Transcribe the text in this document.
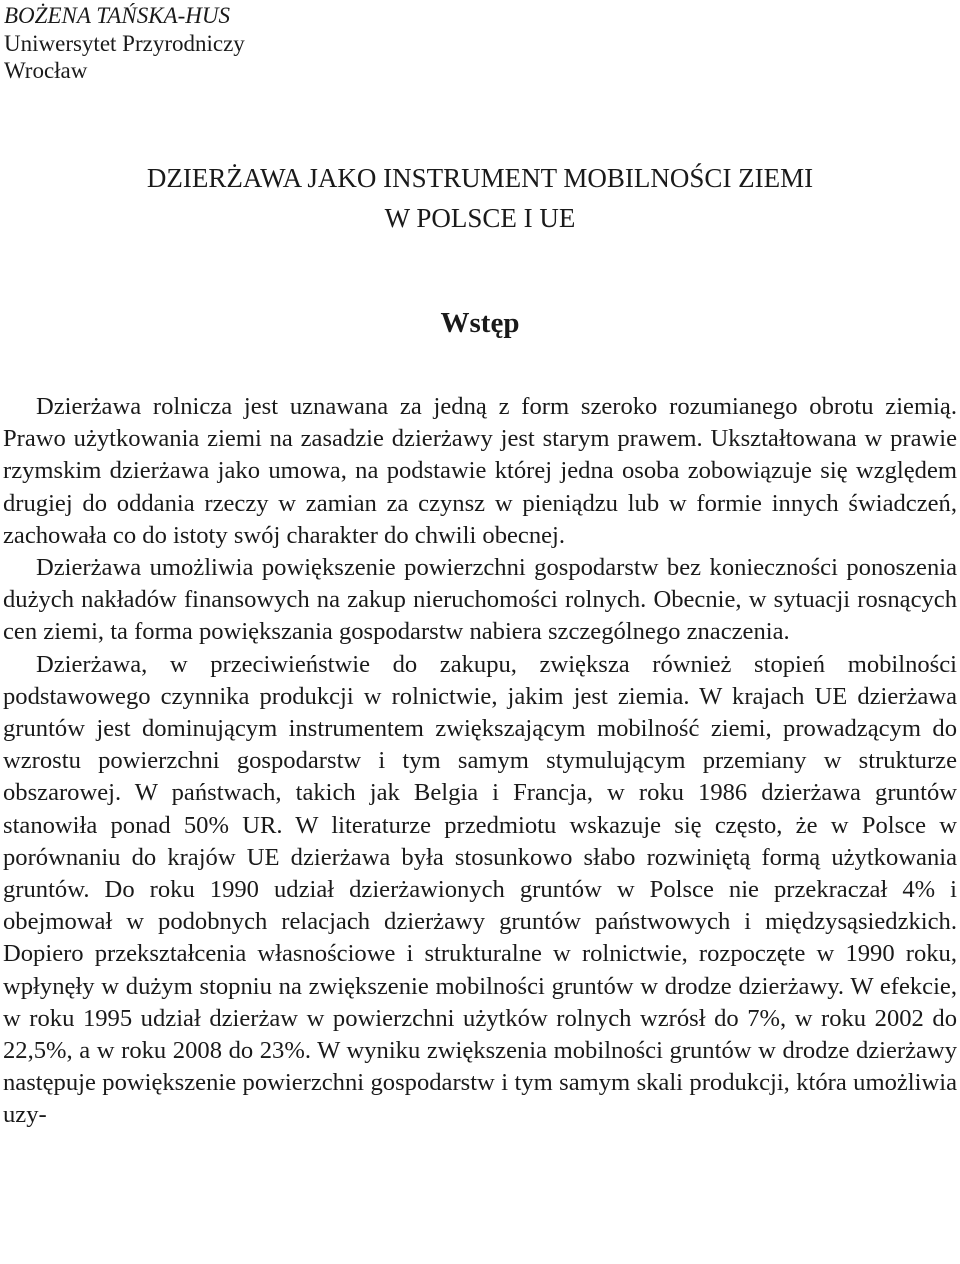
BOŻENA TAŃSKA-HUS
Uniwersytet Przyrodniczy
Wrocław
DZIERŻAWA JAKO INSTRUMENT MOBILNOŚCI ZIEMI
W POLSCE I UE
Wstęp

Dzierżawa rolnicza jest uznawana za jedną z form szeroko rozumianego obrotu ziemią. Prawo użytkowania ziemi na zasadzie dzierżawy jest starym prawem. Ukształtowana w prawie rzymskim dzierżawa jako umowa, na podstawie której jedna osoba zobowiązuje się względem drugiej do oddania rzeczy w zamian za czynsz w pieniądzu lub w formie innych świadczeń, zachowała co do istoty swój charakter do chwili obecnej.

Dzierżawa umożliwia powiększenie powierzchni gospodarstw bez konieczności ponoszenia dużych nakładów finansowych na zakup nieruchomości rolnych. Obecnie, w sytuacji rosnących cen ziemi, ta forma powiększania gospodarstw nabiera szczególnego znaczenia.

Dzierżawa, w przeciwieństwie do zakupu, zwiększa również stopień mobilności podstawowego czynnika produkcji w rolnictwie, jakim jest ziemia. W krajach UE dzierżawa gruntów jest dominującym instrumentem zwiększającym mobilność ziemi, prowadzącym do wzrostu powierzchni gospodarstw i tym samym stymulującym przemiany w strukturze obszarowej. W państwach, takich jak Belgia i Francja, w roku 1986 dzierżawa gruntów stanowiła ponad 50% UR. W literaturze przedmiotu wskazuje się często, że w Polsce w porównaniu do krajów UE dzierżawa była stosunkowo słabo rozwiniętą formą użytkowania gruntów. Do roku 1990 udział dzierżawionych gruntów w Polsce nie przekraczał 4% i obejmował w podobnych relacjach dzierżawy gruntów państwowych i międzysąsiedzkich. Dopiero przekształcenia własnościowe i strukturalne w rolnictwie, rozpoczęte w 1990 roku, wpłynęły w dużym stopniu na zwiększenie mobilności gruntów w drodze dzierżawy. W efekcie, w roku 1995 udział dzierżaw w powierzchni użytków rolnych wzrósł do 7%, w roku 2002 do 22,5%, a w roku 2008 do 23%. W wyniku zwiększenia mobilności gruntów w drodze dzierżawy następuje powiększenie powierzchni gospodarstw i tym samym skali produkcji, która umożliwia uzy-
